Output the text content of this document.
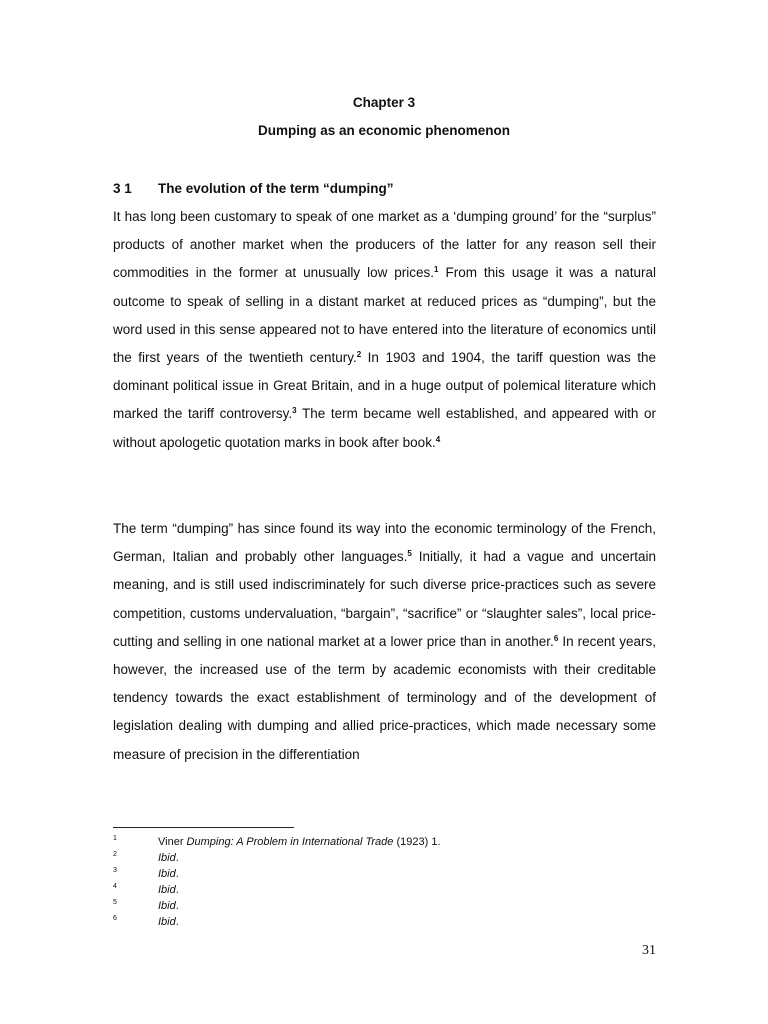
Chapter 3
Dumping as an economic phenomenon
3 1 The evolution of the term “dumping”

It has long been customary to speak of one market as a ‘dumping ground’ for the “surplus” products of another market when the producers of the latter for any reason sell their commodities in the former at unusually low prices.$^1$ From this usage it was a natural outcome to speak of selling in a distant market at reduced prices as “dumping”, but the word used in this sense appeared not to have entered into the literature of economics until the first years of the twentieth century.$^2$ In 1903 and 1904, the tariff question was the dominant political issue in Great Britain, and in a huge output of polemical literature which marked the tariff controversy.$^3$ The term became well established, and appeared with or without apologetic quotation marks in book after book.$^4$

The term “dumping” has since found its way into the economic terminology of the French, German, Italian and probably other languages.$^5$ Initially, it had a vague and uncertain meaning, and is still used indiscriminately for such diverse price-practices such as severe competition, customs undervaluation, “bargain”, “sacrifice” or “slaughter sales”, local price-cutting and selling in one national market at a lower price than in another.$^6$ In recent years, however, the increased use of the term by academic economists with their creditable tendency towards the exact establishment of terminology and of the development of legislation dealing with dumping and allied price-practices, which made necessary some measure of precision in the differentiation

1	Viner Dumping: A Problem in International Trade (1923) 1.
2	Ibid.
3	Ibid.
4	Ibid.
5	Ibid.
6	Ibid.
31
